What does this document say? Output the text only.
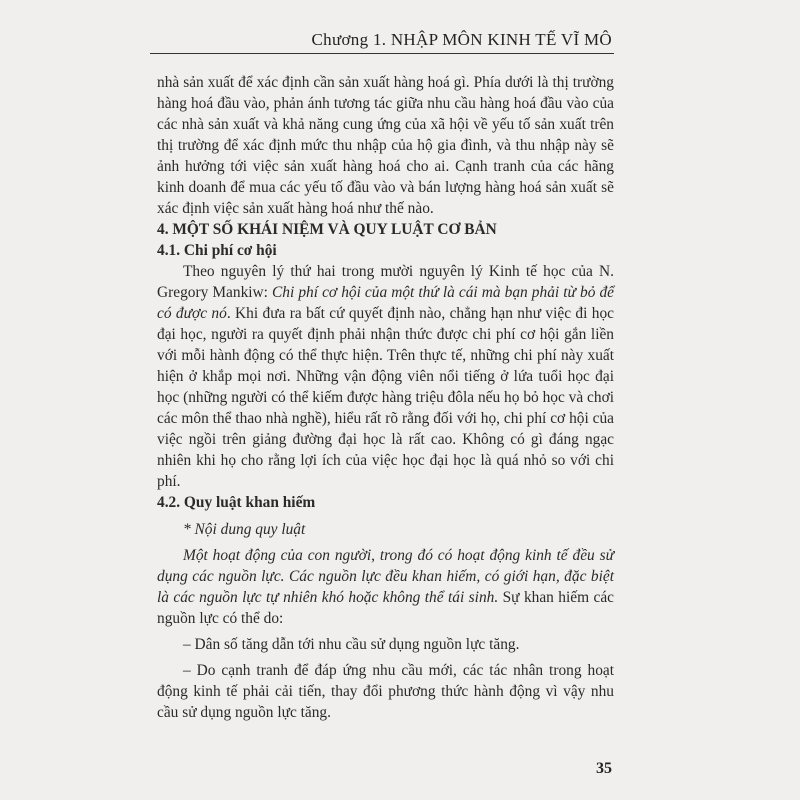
Chương 1. NHẬP MÔN KINH TẾ VĨ MÔ

nhà sản xuất để xác định cần sản xuất hàng hoá gì. Phía dưới là thị trường hàng hoá đầu vào, phản ánh tương tác giữa nhu cầu hàng hoá đầu vào của các nhà sản xuất và khả năng cung ứng của xã hội về yếu tố sản xuất trên thị trường để xác định mức thu nhập của hộ gia đình, và thu nhập này sẽ ảnh hưởng tới việc sản xuất hàng hoá cho ai. Cạnh tranh của các hãng kinh doanh để mua các yếu tố đầu vào và bán lượng hàng hoá sản xuất sẽ xác định việc sản xuất hàng hoá như thế nào.

4. MỘT SỐ KHÁI NIỆM VÀ QUY LUẬT CƠ BẢN

4.1. Chi phí cơ hội

Theo nguyên lý thứ hai trong mười nguyên lý Kinh tế học của N. Gregory Mankiw: Chi phí cơ hội của một thứ là cái mà bạn phải từ bỏ để có được nó. Khi đưa ra bất cứ quyết định nào, chẳng hạn như việc đi học đại học, người ra quyết định phải nhận thức được chi phí cơ hội gắn liền với mỗi hành động có thể thực hiện. Trên thực tế, những chi phí này xuất hiện ở khắp mọi nơi. Những vận động viên nổi tiếng ở lứa tuổi học đại học (những người có thể kiếm được hàng triệu đôla nếu họ bỏ học và chơi các môn thể thao nhà nghề), hiểu rất rõ rằng đối với họ, chi phí cơ hội của việc ngồi trên giảng đường đại học là rất cao. Không có gì đáng ngạc nhiên khi họ cho rằng lợi ích của việc học đại học là quá nhỏ so với chi phí.

4.2. Quy luật khan hiếm

* Nội dung quy luật

Một hoạt động của con người, trong đó có hoạt động kinh tế đều sử dụng các nguồn lực. Các nguồn lực đều khan hiếm, có giới hạn, đặc biệt là các nguồn lực tự nhiên khó hoặc không thể tái sinh. Sự khan hiếm các nguồn lực có thể do:

– Dân số tăng dẫn tới nhu cầu sử dụng nguồn lực tăng.

– Do cạnh tranh để đáp ứng nhu cầu mới, các tác nhân trong hoạt động kinh tế phải cải tiến, thay đổi phương thức hành động vì vậy nhu cầu sử dụng nguồn lực tăng.

35
